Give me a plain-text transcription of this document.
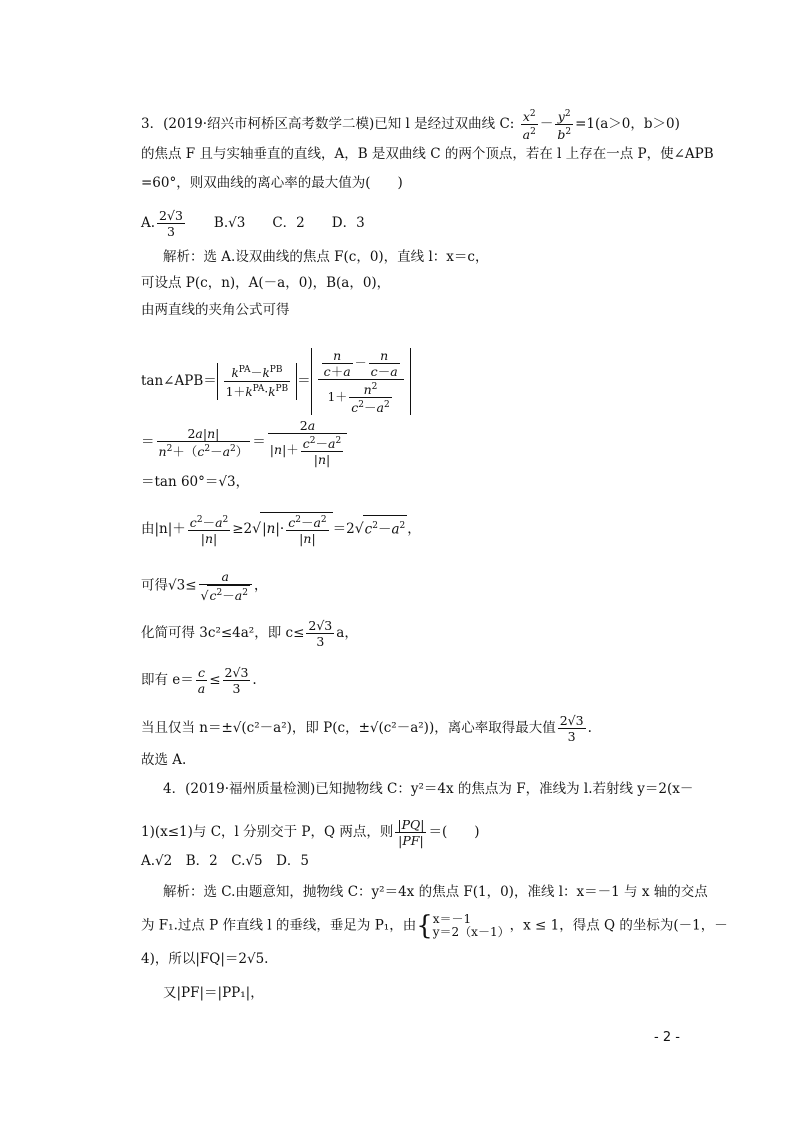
3．(2019·绍兴市柯桥区高考数学二模)已知 l 是经过双曲线 C: $\frac{x^2}{a^2} - \frac{y^2}{b^2} =1(a>0$，b＞0)
的焦点 F 且与实轴垂直的直线，A，B 是双曲线 C 的两个顶点，若在 l 上存在一点 P，使∠APB
=60°，则双曲线的离心率的最大值为(　　)
A. $\frac{2√3}{3}$ 　　B.√3　　C．2　　D．3
解析：选 A.设双曲线的焦点 F(c，0)，直线 l：x＝c，
可设点 P(c，n)，A(－a，0)，B(a，0)，
由两直线的夹角公式可得
tan∠APB＝ $\frac{k^{PA}-k^{PB}}{1+k^{PA}\cdot k^{PB}} = \frac{\frac{n}{c+a} - \frac{n}{c-a}}{1+ \frac{n^2}{c^2-a^2}}$
＝ $\frac{2a|n|}{n^2+(c^2-a^2)} = \frac{2a}{|n|+ \frac{c^2-a^2}{|n|}}$
＝tan 60°＝√3，
由$|n|+ \frac{c^2-a^2}{|n|} \ge 2√|n|\cdot \frac{c^2-a^2}{|n|} =2√c^2-a^2$ ，
可得$√3\le \frac{a}{√c^2-a^2}$ ，
化简可得 3c²≤4a²，即 $c\le \frac{2√3}{3}$ a，
即有 $e= \frac{c}{a} \le \frac{2√3}{3}$ .
当且仅当 n＝±√(c²－a²)，即 P(c，±√(c²－a²))，离心率取得最大值 $\frac{2√3}{3}$ .
故选 A.
4．(2019·福州质量检测)已知抛物线 C：y²＝4x 的焦点为 F，准线为 l.若射线 y＝2(x－
1)(x≤1)与 C，l 分别交于 P，Q 两点，则 $\frac{|PQ|}{|PF|}$ ＝(　　)
A.√2　B．2　C.√5　D．5
解析：选 C.由题意知，抛物线 C：y²＝4x 的焦点 F(1，0)，准线 l：x＝－1 与 x 轴的交点
为 F₁.过点 P 作直线 l 的垂线，垂足为 P₁，由{ x＝－1
y＝2（x－1） ，x ≤ 1，得点 Q 的坐标为(－1，－
4)，所以|FQ|＝2√5.
又|PF|＝|PP₁|，
- 2 -
